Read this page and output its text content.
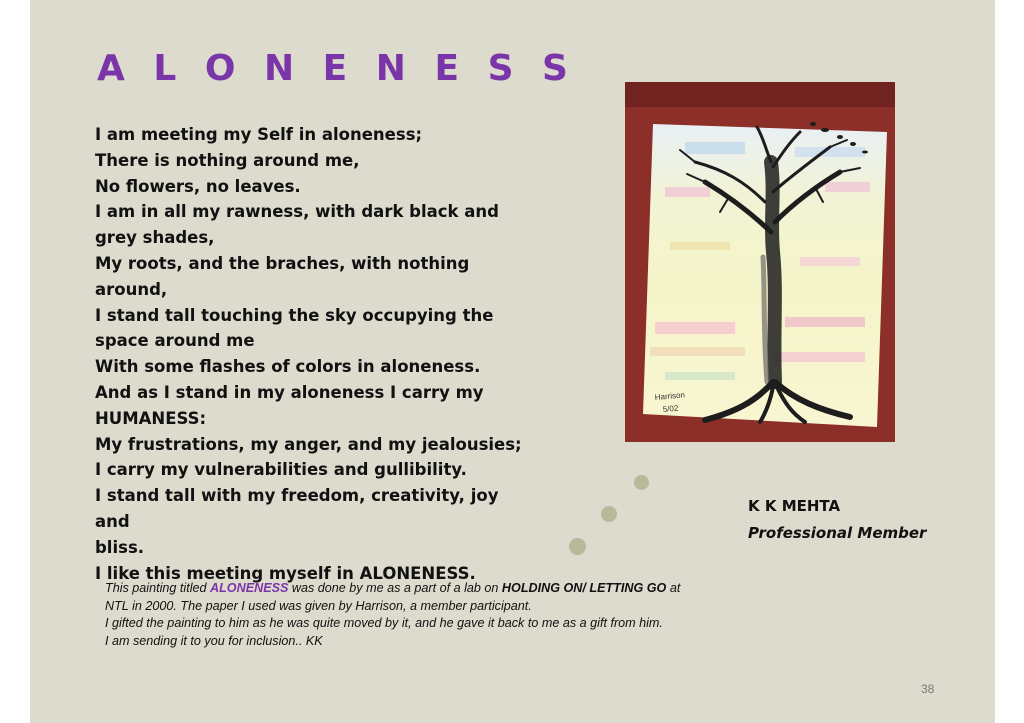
A L O N E N E S S
I am meeting my Self in aloneness;
There is nothing around me,
No flowers, no leaves.
I am in all my rawness, with dark black and
grey shades,
My roots, and the braches, with nothing
around,
I stand tall touching the sky occupying the
space around me
With some flashes of colors in aloneness.
And as I stand in my aloneness I carry my
HUMANESS:
My frustrations, my anger, and my jealousies;
I carry my vulnerabilities and gullibility.
I stand tall with my freedom, creativity, joy and
bliss.
I like this meeting myself in ALONENESS.
Harrison
5/02
K K MEHTA
Professional Member
This painting titled ALONENESS was done by me as a part of a lab on HOLDING ON/ LETTING GO at
NTL in 2000. The paper I used was given by Harrison, a member participant.
I gifted the painting to him as he was quite moved by it, and he gave it back to me as a gift from him.
I am sending it to you for inclusion.. KK
38
